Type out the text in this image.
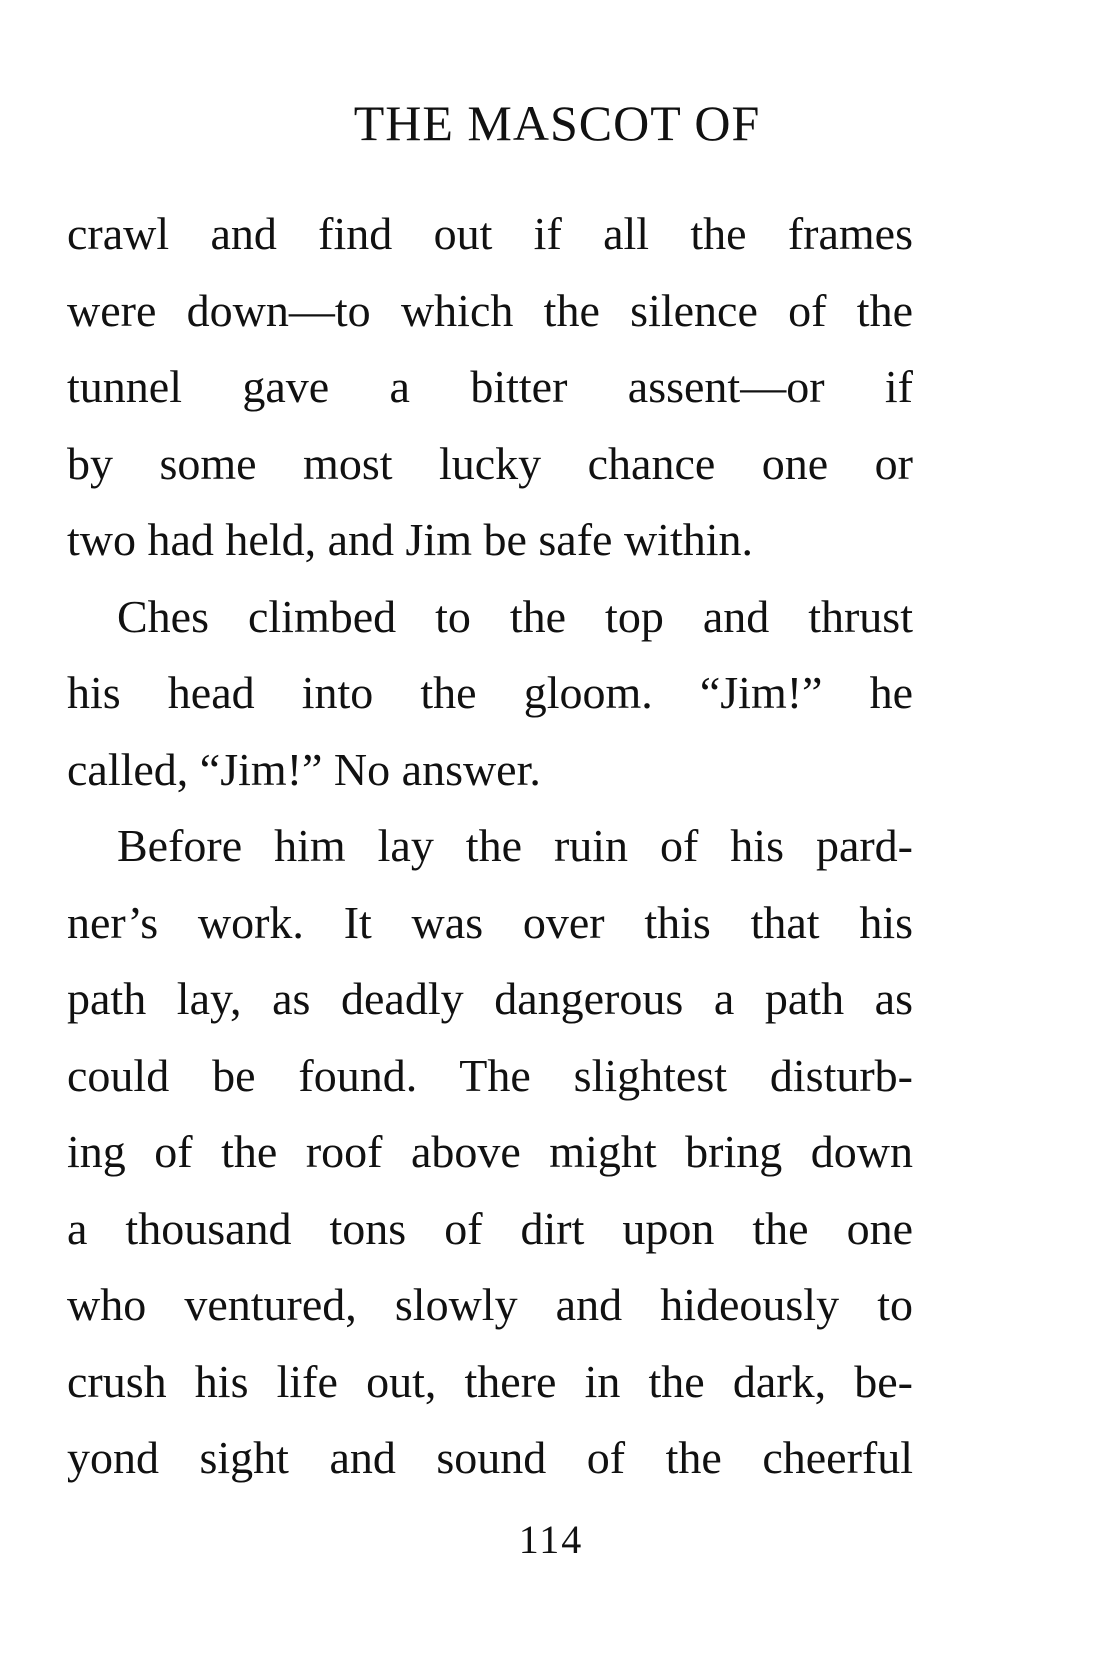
THE MASCOT OF
crawl and find out if all the frames
were down—to which the silence of the
tunnel gave a bitter assent—or if
by some most lucky chance one or
two had held, and Jim be safe within.
Ches climbed to the top and thrust
his head into the gloom. “Jim!” he
called, “Jim!” No answer.
Before him lay the ruin of his pard-
ner’s work. It was over this that his
path lay, as deadly dangerous a path as
could be found. The slightest disturb-
ing of the roof above might bring down
a thousand tons of dirt upon the one
who ventured, slowly and hideously to
crush his life out, there in the dark, be-
yond sight and sound of the cheerful
114
